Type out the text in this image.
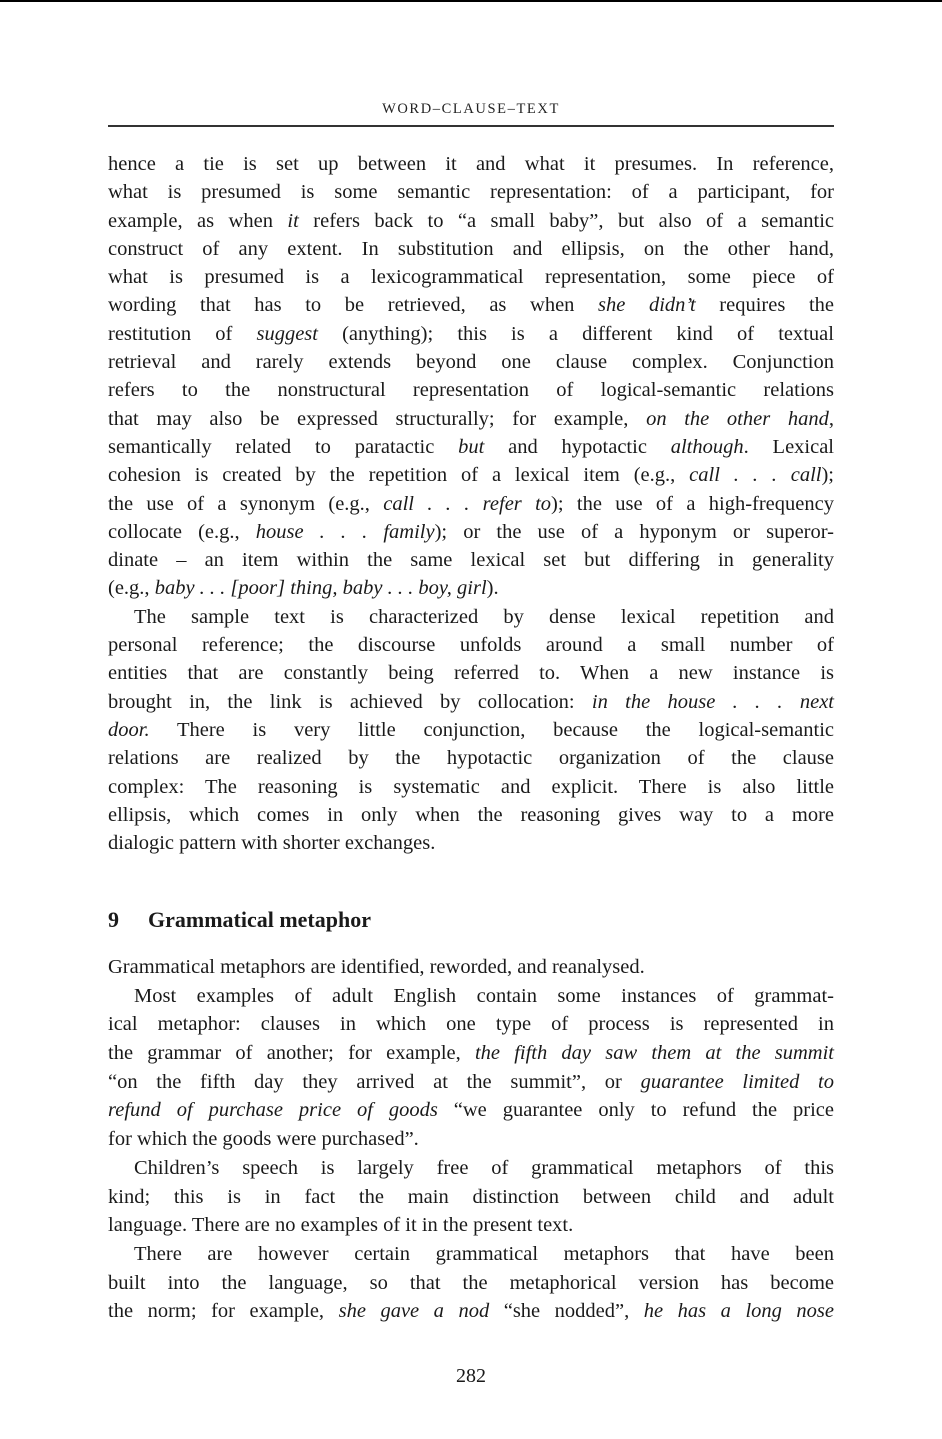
WORD–CLAUSE–TEXT
hence a tie is set up between it and what it presumes. In reference,
what is presumed is some semantic representation: of a participant, for
example, as when it refers back to “a small baby”, but also of a semantic
construct of any extent. In substitution and ellipsis, on the other hand,
what is presumed is a lexicogrammatical representation, some piece of
wording that has to be retrieved, as when she didn’t requires the
restitution of suggest (anything); this is a different kind of textual
retrieval and rarely extends beyond one clause complex. Conjunction
refers to the nonstructural representation of logical-semantic relations
that may also be expressed structurally; for example, on the other hand,
semantically related to paratactic but and hypotactic although. Lexical
cohesion is created by the repetition of a lexical item (e.g., call . . . call);
the use of a synonym (e.g., call . . . refer to); the use of a high-frequency
collocate (e.g., house . . . family); or the use of a hyponym or superor-
dinate – an item within the same lexical set but differing in generality
(e.g., baby . . . [poor] thing, baby . . . boy, girl).
The sample text is characterized by dense lexical repetition and
personal reference; the discourse unfolds around a small number of
entities that are constantly being referred to. When a new instance is
brought in, the link is achieved by collocation: in the house . . . next
door. There is very little conjunction, because the logical-semantic
relations are realized by the hypotactic organization of the clause
complex: The reasoning is systematic and explicit. There is also little
ellipsis, which comes in only when the reasoning gives way to a more
dialogic pattern with shorter exchanges.
9 Grammatical metaphor
Grammatical metaphors are identified, reworded, and reanalysed.
Most examples of adult English contain some instances of grammat-
ical metaphor: clauses in which one type of process is represented in
the grammar of another; for example, the fifth day saw them at the summit
“on the fifth day they arrived at the summit”, or guarantee limited to
refund of purchase price of goods “we guarantee only to refund the price
for which the goods were purchased”.
Children’s speech is largely free of grammatical metaphors of this
kind; this is in fact the main distinction between child and adult
language. There are no examples of it in the present text.
There are however certain grammatical metaphors that have been
built into the language, so that the metaphorical version has become
the norm; for example, she gave a nod “she nodded”, he has a long nose
282
